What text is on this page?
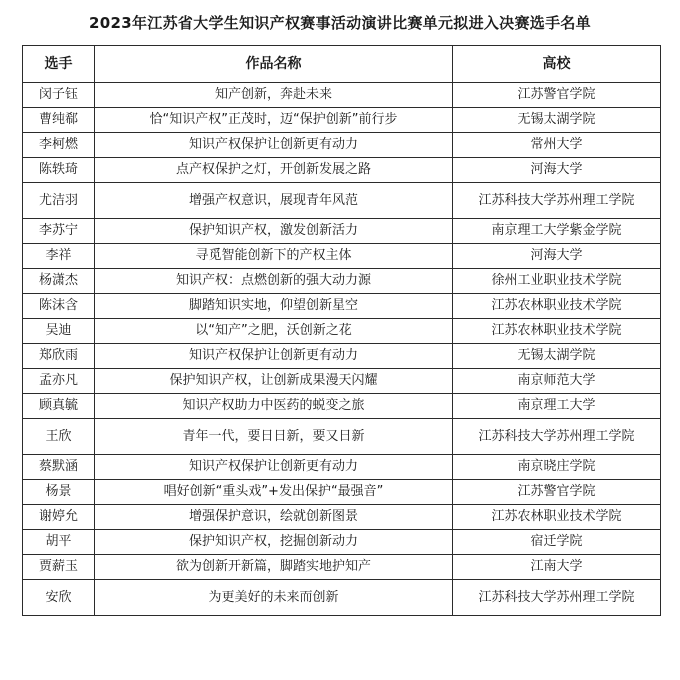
2023年江苏省大学生知识产权赛事活动演讲比赛单元拟进入决赛选手名单
选手	作品名称	高校
闵子钰	知产创新，奔赴未来	江苏警官学院
曹纯郗	恰“知识产权”正茂时，迈“保护创新”前行步	无锡太湖学院
李柯燃	知识产权保护让创新更有动力	常州大学
陈轶琦	点产权保护之灯，开创新发展之路	河海大学
尤洁羽	增强产权意识，展现青年风范	江苏科技大学苏州理工学院
李苏宁	保护知识产权，激发创新活力	南京理工大学紫金学院
李祥	寻觅智能创新下的产权主体	河海大学
杨潇杰	知识产权：点燃创新的强大动力源	徐州工业职业技术学院
陈沫含	脚踏知识实地，仰望创新星空	江苏农林职业技术学院
吴迪	以“知产”之肥，沃创新之花	江苏农林职业技术学院
郑欣雨	知识产权保护让创新更有动力	无锡太湖学院
孟亦凡	保护知识产权，让创新成果漫天闪耀	南京师范大学
顾真毓	知识产权助力中医药的蜕变之旅	南京理工大学
王欣	青年一代，要日日新，要又日新	江苏科技大学苏州理工学院
蔡默涵	知识产权保护让创新更有动力	南京晓庄学院
杨景	唱好创新“重头戏”+发出保护“最强音”	江苏警官学院
谢婷允	增强保护意识，绘就创新图景	江苏农林职业技术学院
胡平	保护知识产权，挖掘创新动力	宿迁学院
贾薪玉	欲为创新开新篇，脚踏实地护知产	江南大学
安欣	为更美好的未来而创新	江苏科技大学苏州理工学院
